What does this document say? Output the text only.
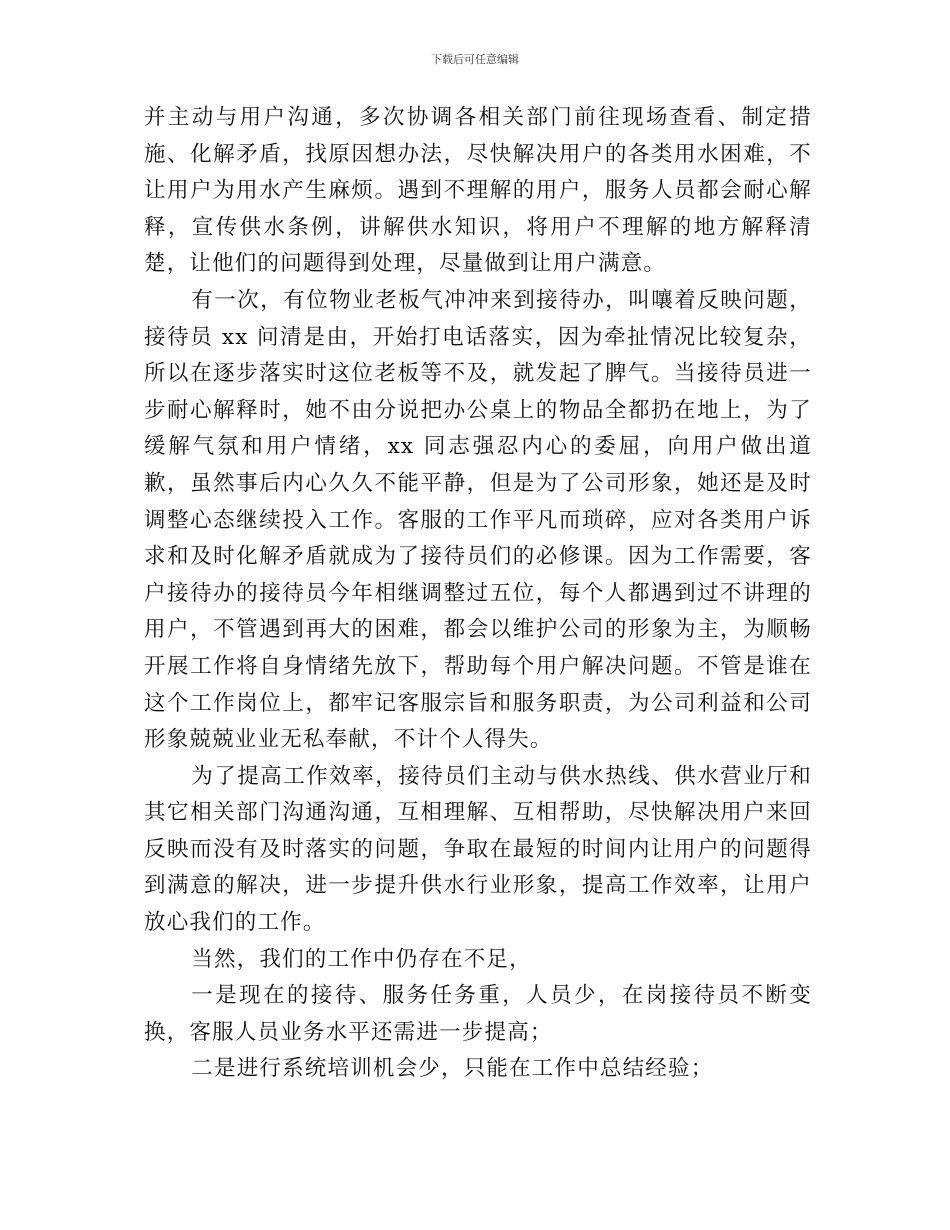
下载后可任意编辑

并主动与用户沟通，多次协调各相关部门前往现场查看、制定措施、化解矛盾，找原因想办法，尽快解决用户的各类用水困难，不让用户为用水产生麻烦。遇到不理解的用户，服务人员都会耐心解释，宣传供水条例，讲解供水知识，将用户不理解的地方解释清楚，让他们的问题得到处理，尽量做到让用户满意。

有一次，有位物业老板气冲冲来到接待办，叫嚷着反映问题，接待员 xx 问清是由，开始打电话落实，因为牵扯情况比较复杂，所以在逐步落实时这位老板等不及，就发起了脾气。当接待员进一步耐心解释时，她不由分说把办公桌上的物品全都扔在地上，为了缓解气氛和用户情绪，xx 同志强忍内心的委屈，向用户做出道歉，虽然事后内心久久不能平静，但是为了公司形象，她还是及时调整心态继续投入工作。客服的工作平凡而琐碎，应对各类用户诉求和及时化解矛盾就成为了接待员们的必修课。因为工作需要，客户接待办的接待员今年相继调整过五位，每个人都遇到过不讲理的用户，不管遇到再大的困难，都会以维护公司的形象为主，为顺畅开展工作将自身情绪先放下，帮助每个用户解决问题。不管是谁在这个工作岗位上，都牢记客服宗旨和服务职责，为公司利益和公司形象兢兢业业无私奉献，不计个人得失。

为了提高工作效率，接待员们主动与供水热线、供水营业厅和其它相关部门沟通沟通，互相理解、互相帮助，尽快解决用户来回反映而没有及时落实的问题，争取在最短的时间内让用户的问题得到满意的解决，进一步提升供水行业形象，提高工作效率，让用户放心我们的工作。

当然，我们的工作中仍存在不足，

一是现在的接待、服务任务重，人员少，在岗接待员不断变换，客服人员业务水平还需进一步提高；

二是进行系统培训机会少，只能在工作中总结经验；
